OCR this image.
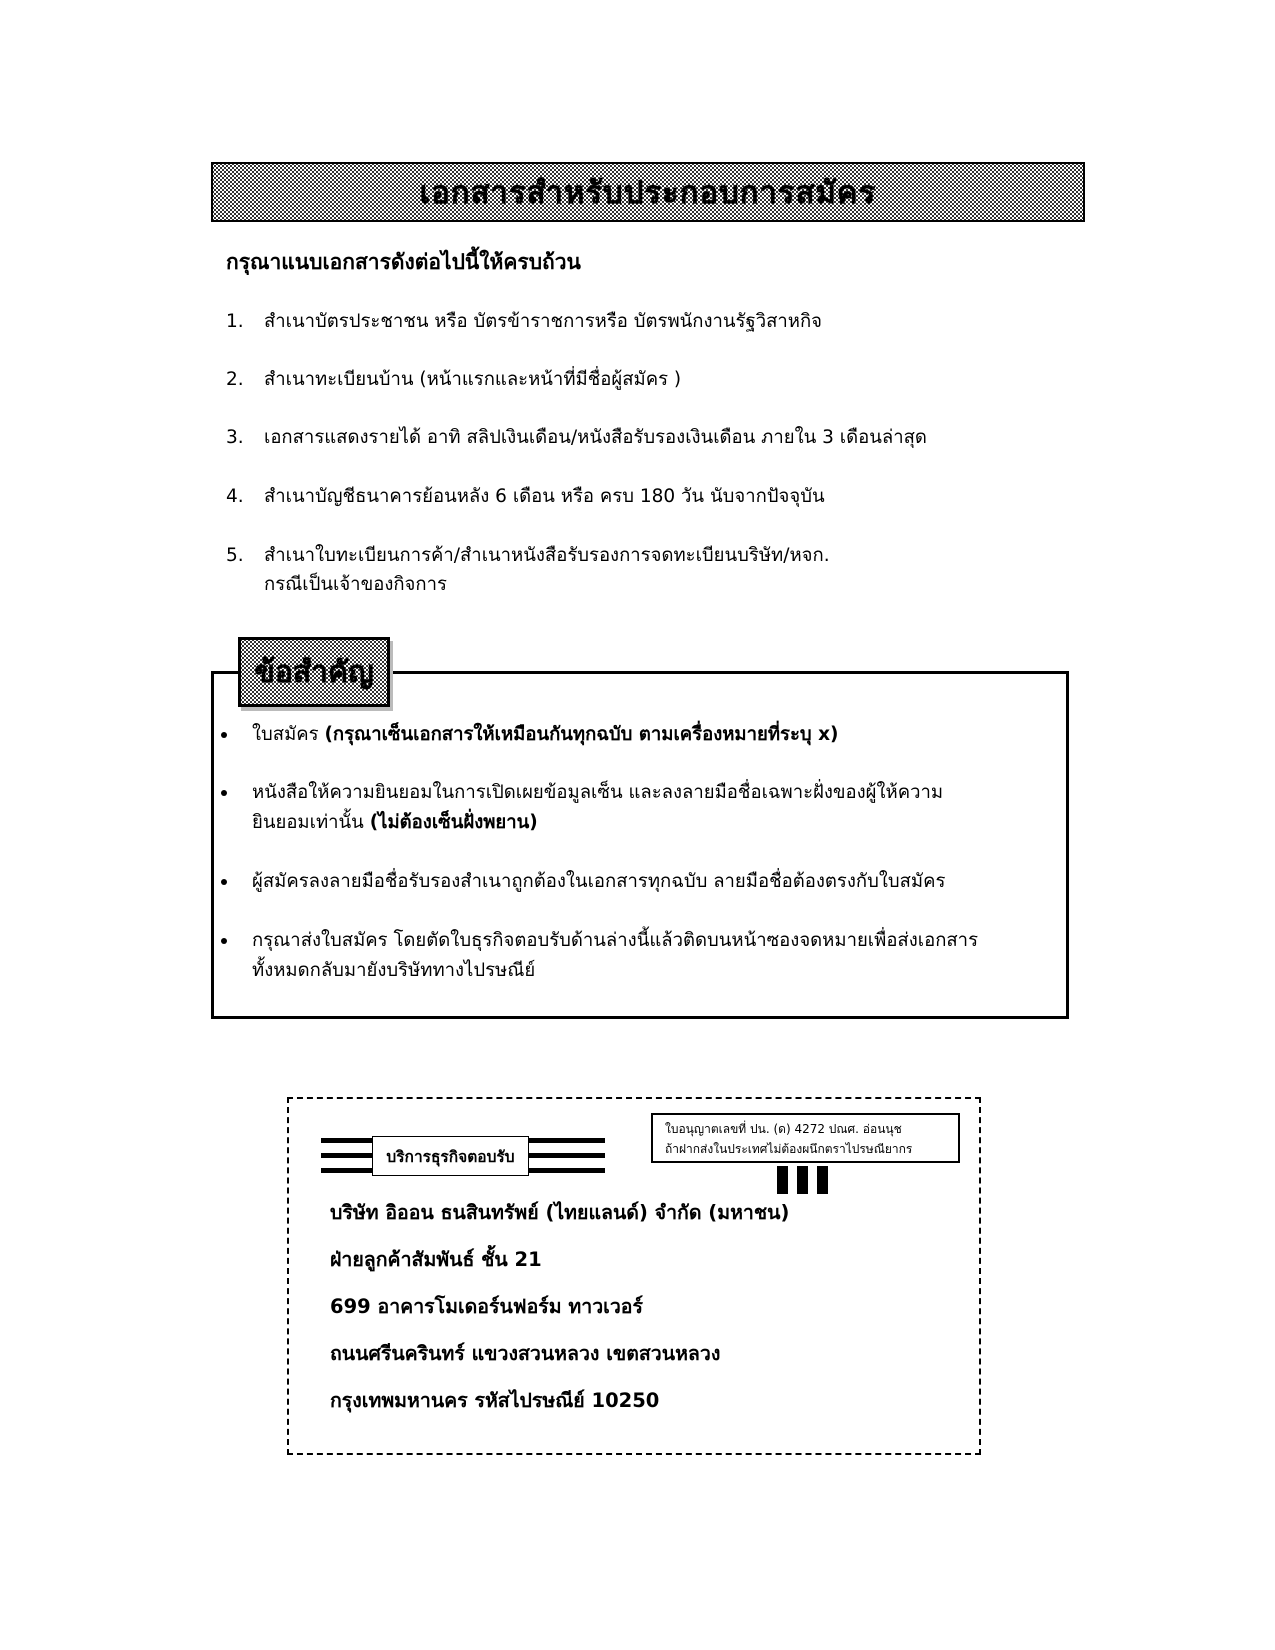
เอกสารสำหรับประกอบการสมัคร
กรุณาแนบเอกสารดังต่อไปนี้ให้ครบถ้วน
1.	สำเนาบัตรประชาชน หรือ บัตรข้าราชการหรือ บัตรพนักงานรัฐวิสาหกิจ
2.	สำเนาทะเบียนบ้าน (หน้าแรกและหน้าที่มีชื่อผู้สมัคร )
3.	เอกสารแสดงรายได้ อาทิ สลิปเงินเดือน/หนังสือรับรองเงินเดือน ภายใน 3 เดือนล่าสุด
4.	สำเนาบัญชีธนาคารย้อนหลัง 6 เดือน หรือ ครบ 180 วัน นับจากปัจจุบัน
5.	สำเนาใบทะเบียนการค้า/สำเนาหนังสือรับรองการจดทะเบียนบริษัท/หจก.
กรณีเป็นเจ้าของกิจการ
ข้อสำคัญ
ใบสมัคร (กรุณาเซ็นเอกสารให้เหมือนกันทุกฉบับ ตามเครื่องหมายที่ระบุ x)
หนังสือให้ความยินยอมในการเปิดเผยข้อมูลเซ็น และลงลายมือชื่อเฉพาะฝั่งของผู้ให้ความ
ยินยอมเท่านั้น (ไม่ต้องเซ็นฝั่งพยาน)
ผู้สมัครลงลายมือชื่อรับรองสำเนาถูกต้องในเอกสารทุกฉบับ ลายมือชื่อต้องตรงกับใบสมัคร
กรุณาส่งใบสมัคร โดยตัดใบธุรกิจตอบรับด้านล่างนี้แล้วติดบนหน้าซองจดหมายเพื่อส่งเอกสาร
ทั้งหมดกลับมายังบริษัททางไปรษณีย์
บริการธุรกิจตอบรับ
ใบอนุญาตเลขที่ ปน. (ด) 4272 ปณศ. อ่อนนุช
ถ้าฝากส่งในประเทศไม่ต้องผนึกตราไปรษณียากร
บริษัท อิออน ธนสินทรัพย์ (ไทยแลนด์) จำกัด (มหาชน)
ฝ่ายลูกค้าสัมพันธ์ ชั้น 21
699 อาคารโมเดอร์นฟอร์ม ทาวเวอร์
ถนนศรีนครินทร์ แขวงสวนหลวง เขตสวนหลวง
กรุงเทพมหานคร รหัสไปรษณีย์ 10250
